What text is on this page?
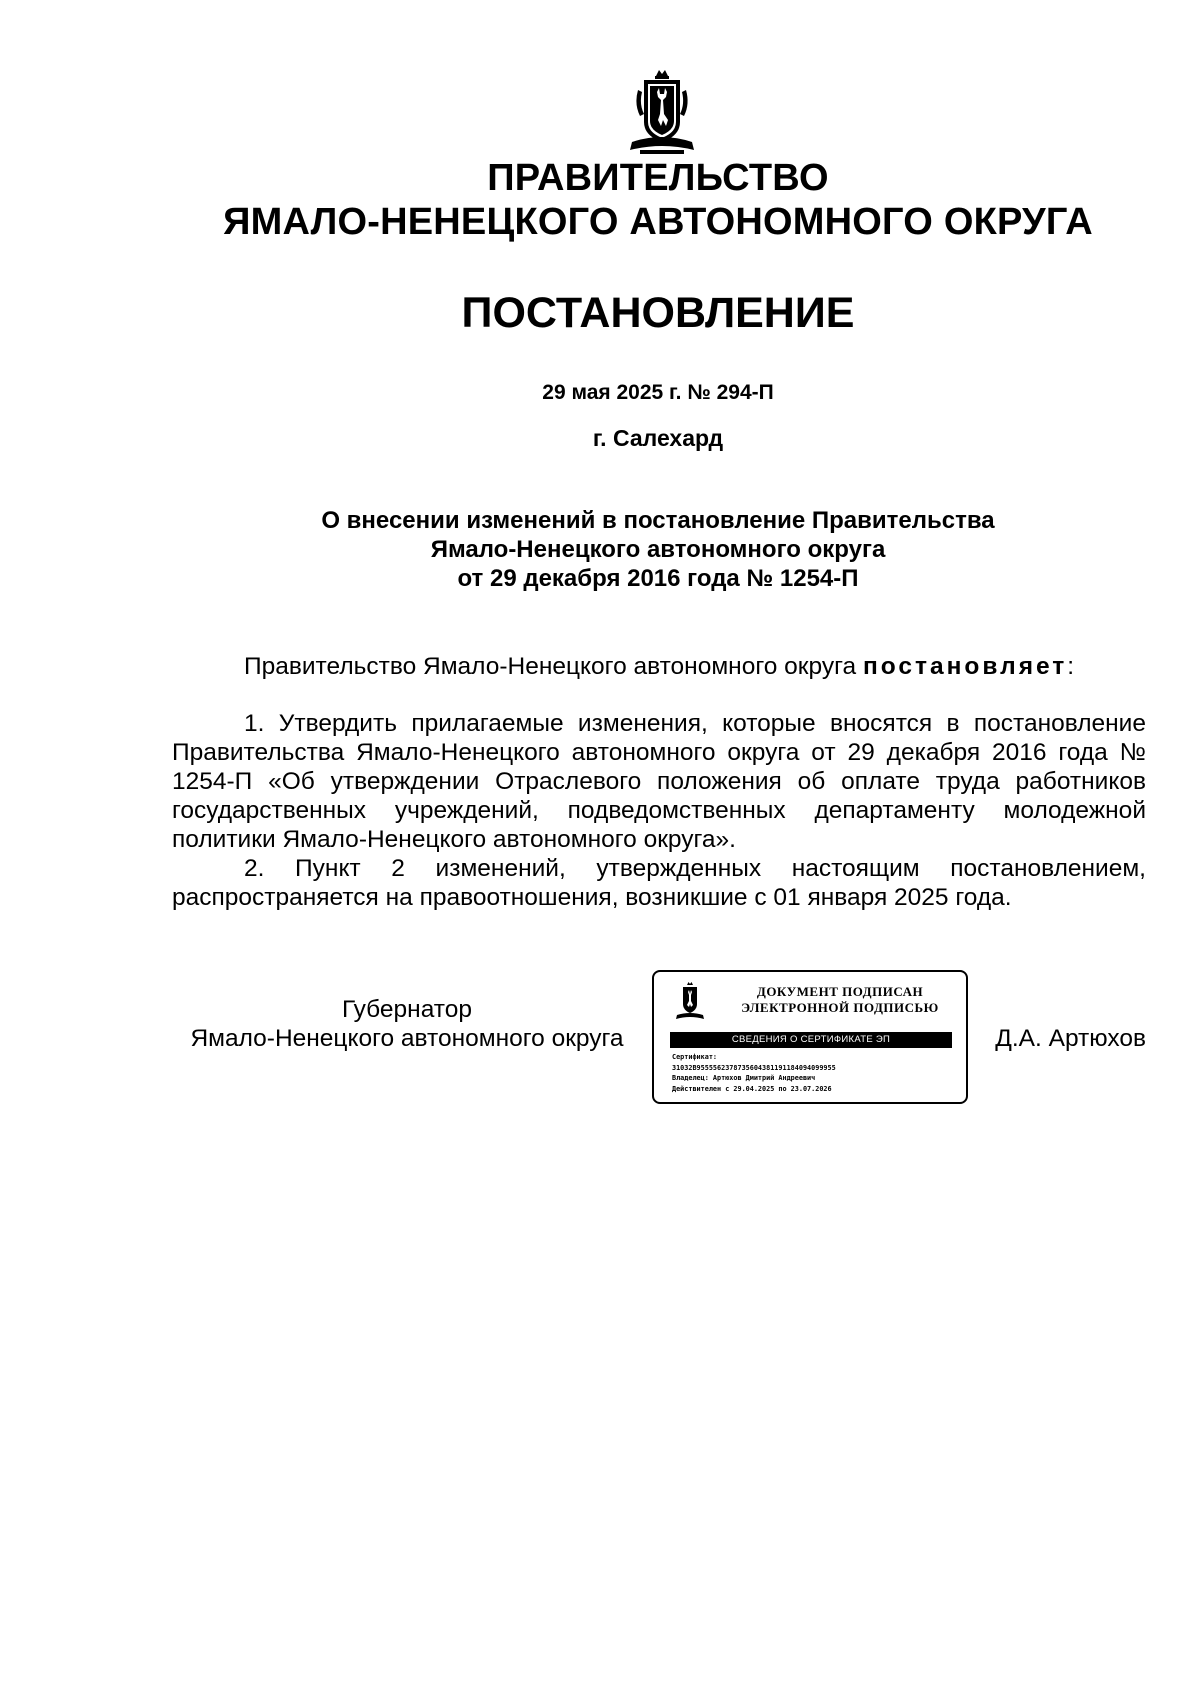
ПРАВИТЕЛЬСТВО
ЯМАЛО-НЕНЕЦКОГО АВТОНОМНОГО ОКРУГА
ПОСТАНОВЛЕНИЕ
29 мая 2025 г. № 294-П
г. Салехард
О внесении изменений в постановление Правительства
Ямало-Ненецкого автономного округа
от 29 декабря 2016 года № 1254-П
Правительство Ямало-Ненецкого автономного округа постановляет:

1. Утвердить прилагаемые изменения, которые вносятся в постановление Правительства Ямало-Ненецкого автономного округа от 29 декабря 2016 года № 1254-П «Об утверждении Отраслевого положения об оплате труда работников государственных учреждений, подведомственных департаменту молодежной политики Ямало-Ненецкого автономного округа».

2. Пункт 2 изменений, утвержденных настоящим постановлением, распространяется на правоотношения, возникшие с 01 января 2025 года.

Губернатор
Ямало-Ненецкого автономного округа
ДОКУМЕНТ ПОДПИСАН
ЭЛЕКТРОННОЙ ПОДПИСЬЮ
СВЕДЕНИЯ О СЕРТИФИКАТЕ ЭП
Сертификат:
31032B9555562378735604381191184094099955
Владелец: Артюхов Дмитрий Андреевич
Действителен с 29.04.2025 по 23.07.2026
Д.А. Артюхов
